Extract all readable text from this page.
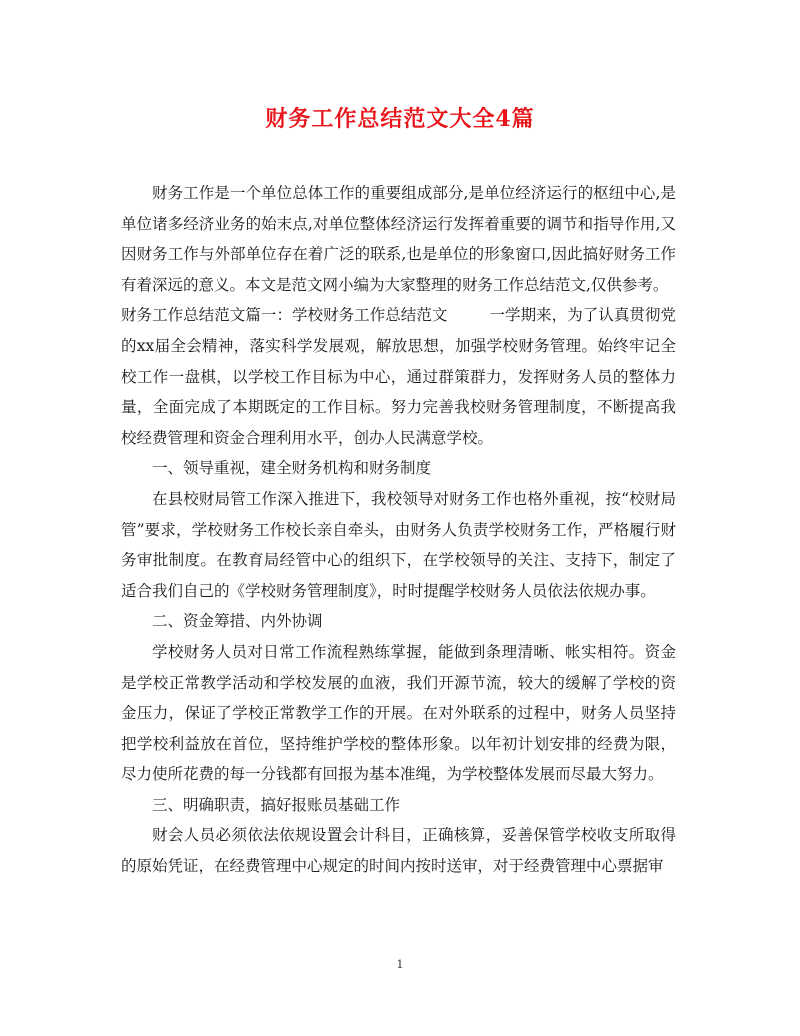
财务工作总结范文大全4篇

财务工作是一个单位总体工作的重要组成部分,是单位经济运行的枢纽中心,是单位诸多经济业务的始末点,对单位整体经济运行发挥着重要的调节和指导作用,又因财务工作与外部单位存在着广泛的联系,也是单位的形象窗口,因此搞好财务工作有着深远的意义。本文是范文网小编为大家整理的财务工作总结范文,仅供参考。

财务工作总结范文篇一：学校财务工作总结范文	一学期来，为了认真贯彻党的xx届全会精神，落实科学发展观，解放思想，加强学校财务管理。始终牢记全校工作一盘棋，以学校工作目标为中心，通过群策群力，发挥财务人员的整体力量，全面完成了本期既定的工作目标。努力完善我校财务管理制度，不断提高我校经费管理和资金合理利用水平，创办人民满意学校。

一、领导重视，建全财务机构和财务制度

在县校财局管工作深入推进下，我校领导对财务工作也格外重视，按“校财局管”要求，学校财务工作校长亲自牵头，由财务人负责学校财务工作，严格履行财务审批制度。在教育局经管中心的组织下，在学校领导的关注、支持下，制定了适合我们自己的《学校财务管理制度》，时时提醒学校财务人员依法依规办事。

二、资金筹措、内外协调

学校财务人员对日常工作流程熟练掌握，能做到条理清晰、帐实相符。资金是学校正常教学活动和学校发展的血液，我们开源节流，较大的缓解了学校的资金压力，保证了学校正常教学工作的开展。在对外联系的过程中，财务人员坚持把学校利益放在首位，坚持维护学校的整体形象。以年初计划安排的经费为限，尽力使所花费的每一分钱都有回报为基本准绳，为学校整体发展而尽最大努力。

三、明确职责，搞好报账员基础工作

财会人员必须依法依规设置会计科目，正确核算，妥善保管学校收支所取得的原始凭证，在经费管理中心规定的时间内按时送审，对于经费管理中心票据审

1
